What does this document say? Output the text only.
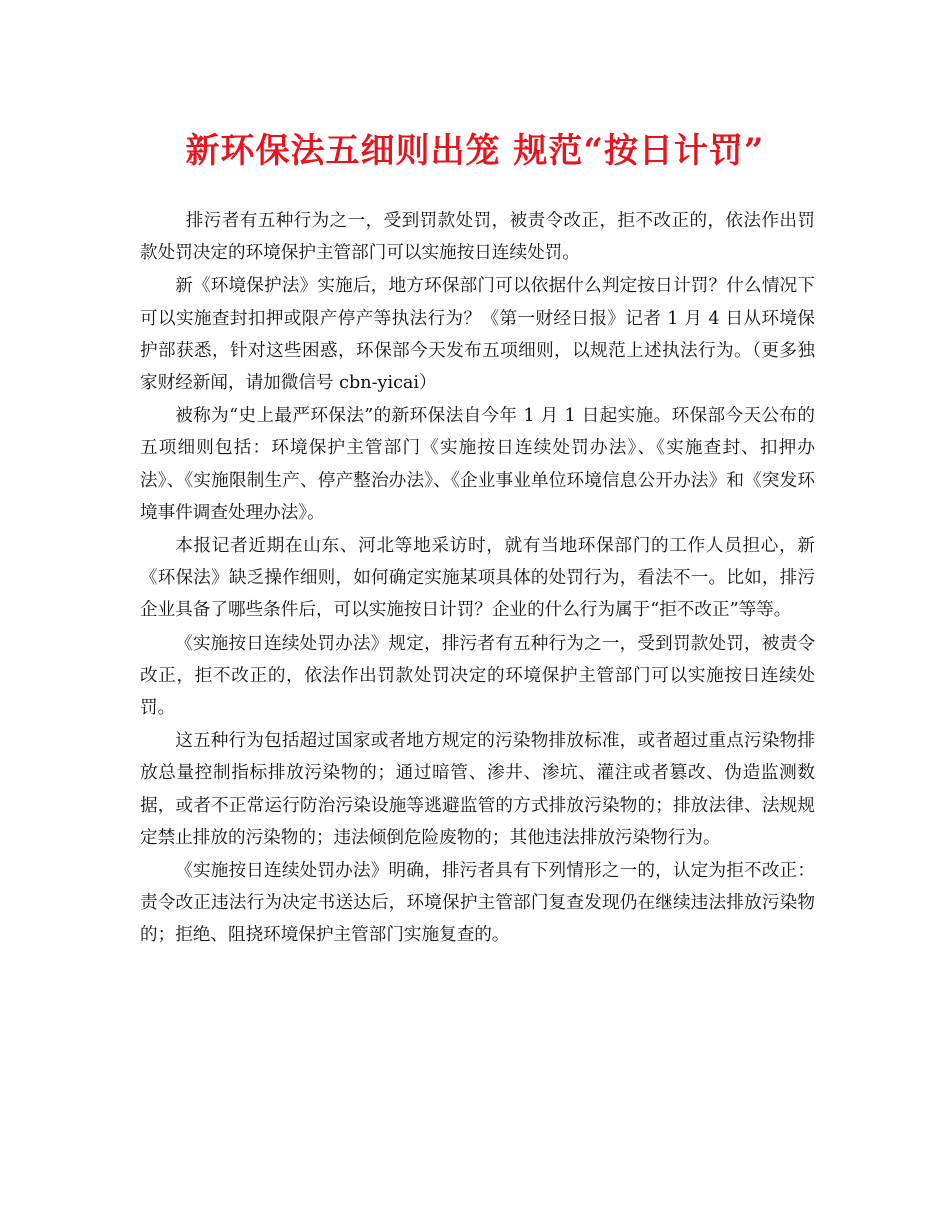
新环保法五细则出笼 规范“按日计罚”

排污者有五种行为之一，受到罚款处罚，被责令改正，拒不改正的，依法作出罚款处罚决定的环境保护主管部门可以实施按日连续处罚。

新《环境保护法》实施后，地方环保部门可以依据什么判定按日计罚？什么情况下可以实施查封扣押或限产停产等执法行为？《第一财经日报》记者 1 月 4 日从环境保护部获悉，针对这些困惑，环保部今天发布五项细则，以规范上述执法行为。（更多独家财经新闻，请加微信号 cbn-yicai）

被称为“史上最严环保法”的新环保法自今年 1 月 1 日起实施。环保部今天公布的五项细则包括：环境保护主管部门《实施按日连续处罚办法》、《实施查封、扣押办法》、《实施限制生产、停产整治办法》、《企业事业单位环境信息公开办法》和《突发环境事件调查处理办法》。

本报记者近期在山东、河北等地采访时，就有当地环保部门的工作人员担心，新《环保法》缺乏操作细则，如何确定实施某项具体的处罚行为，看法不一。比如，排污企业具备了哪些条件后，可以实施按日计罚？企业的什么行为属于“拒不改正”等等。

《实施按日连续处罚办法》规定，排污者有五种行为之一，受到罚款处罚，被责令改正，拒不改正的，依法作出罚款处罚决定的环境保护主管部门可以实施按日连续处罚。

这五种行为包括超过国家或者地方规定的污染物排放标准，或者超过重点污染物排放总量控制指标排放污染物的；通过暗管、渗井、渗坑、灌注或者篡改、伪造监测数据，或者不正常运行防治污染设施等逃避监管的方式排放污染物的；排放法律、法规规定禁止排放的污染物的；违法倾倒危险废物的；其他违法排放污染物行为。

《实施按日连续处罚办法》明确，排污者具有下列情形之一的，认定为拒不改正：责令改正违法行为决定书送达后，环境保护主管部门复查发现仍在继续违法排放污染物的；拒绝、阻挠环境保护主管部门实施复查的。
